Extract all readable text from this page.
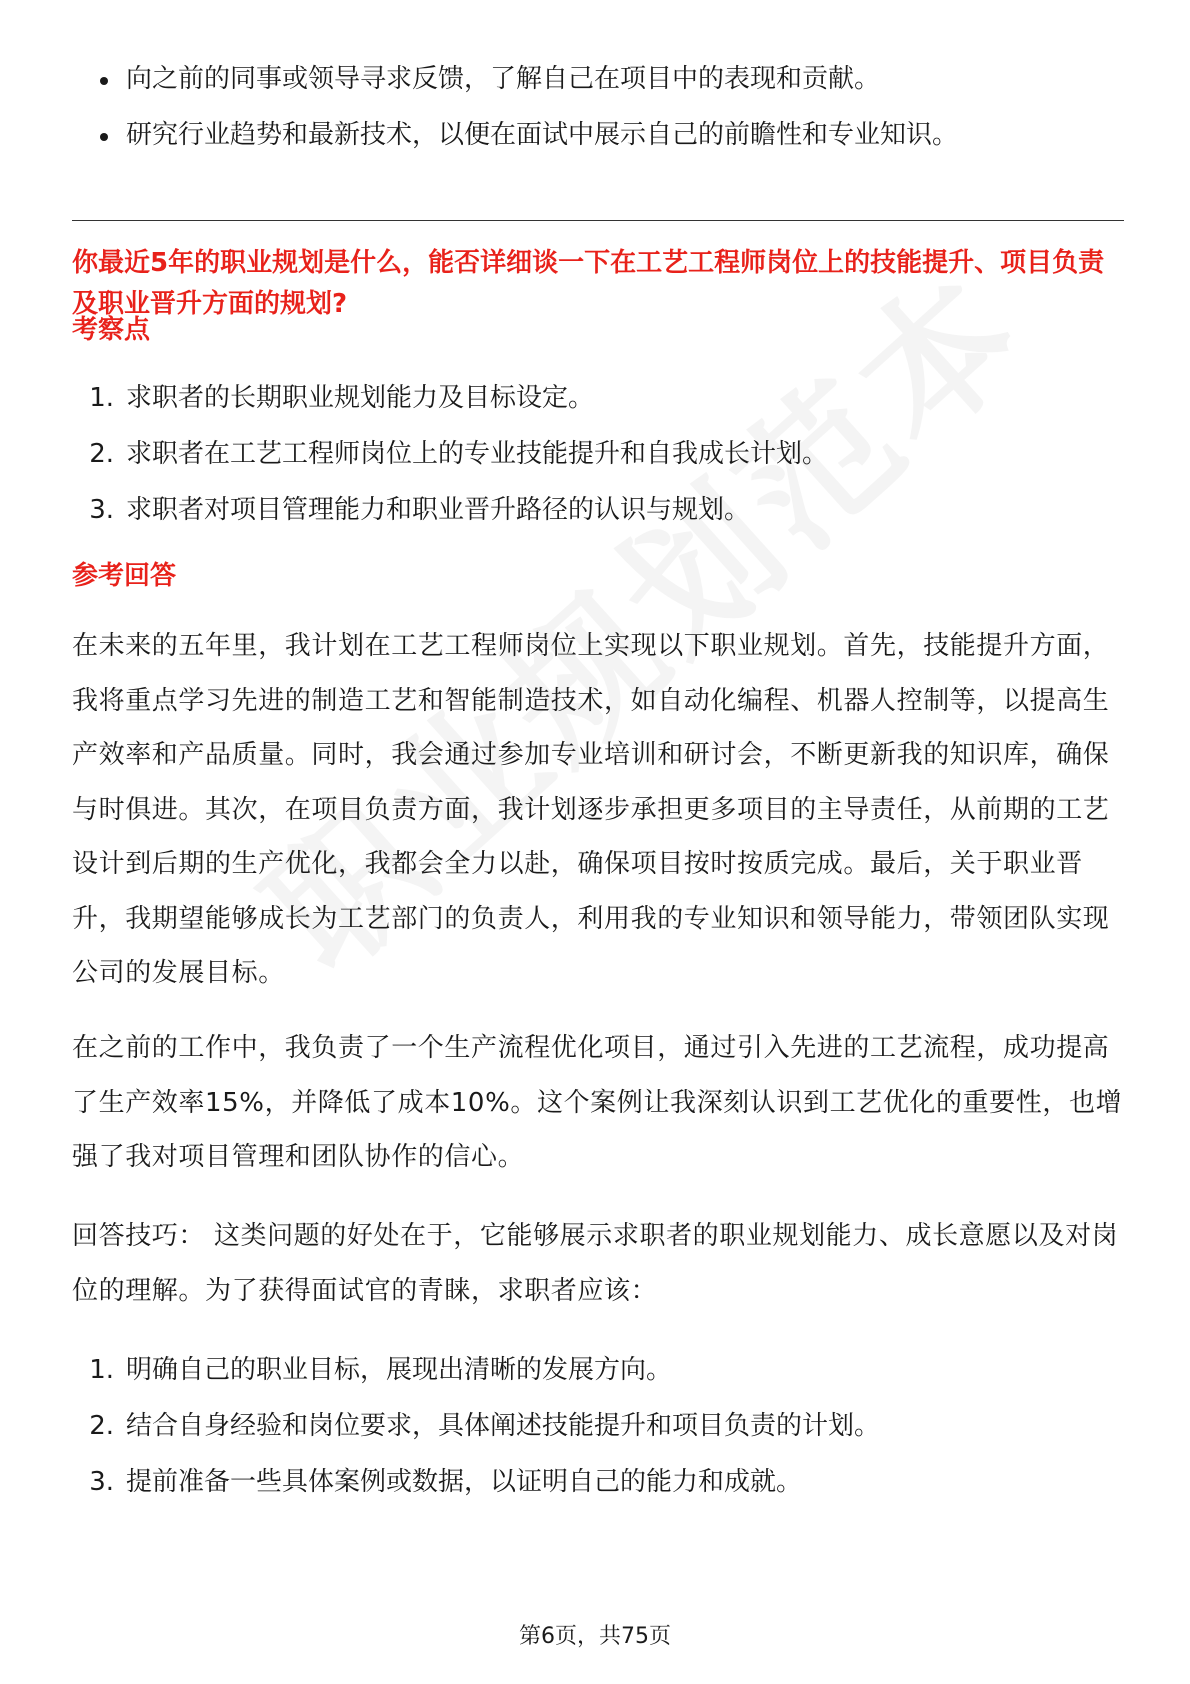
向之前的同事或领导寻求反馈，了解自己在项目中的表现和贡献。
研究行业趋势和最新技术，以便在面试中展示自己的前瞻性和专业知识。

你最近5年的职业规划是什么，能否详细谈一下在工艺工程师岗位上的技能提升、项目负责及职业晋升方面的规划?

考察点

1. 求职者的长期职业规划能力及目标设定。
2. 求职者在工艺工程师岗位上的专业技能提升和自我成长计划。
3. 求职者对项目管理能力和职业晋升路径的认识与规划。

参考回答

在未来的五年里，我计划在工艺工程师岗位上实现以下职业规划。首先，技能提升方面，我将重点学习先进的制造工艺和智能制造技术，如自动化编程、机器人控制等，以提高生产效率和产品质量。同时，我会通过参加专业培训和研讨会，不断更新我的知识库，确保与时俱进。其次，在项目负责方面，我计划逐步承担更多项目的主导责任，从前期的工艺设计到后期的生产优化，我都会全力以赴，确保项目按时按质完成。最后，关于职业晋升，我期望能够成长为工艺部门的负责人，利用我的专业知识和领导能力，带领团队实现公司的发展目标。

在之前的工作中，我负责了一个生产流程优化项目，通过引入先进的工艺流程，成功提高了生产效率15%，并降低了成本10%。这个案例让我深刻认识到工艺优化的重要性，也增强了我对项目管理和团队协作的信心。

回答技巧： 这类问题的好处在于，它能够展示求职者的职业规划能力、成长意愿以及对岗位的理解。为了获得面试官的青睐，求职者应该：

1. 明确自己的职业目标，展现出清晰的发展方向。
2. 结合自身经验和岗位要求，具体阐述技能提升和项目负责的计划。
3. 提前准备一些具体案例或数据，以证明自己的能力和成就。
第6页，共75页
